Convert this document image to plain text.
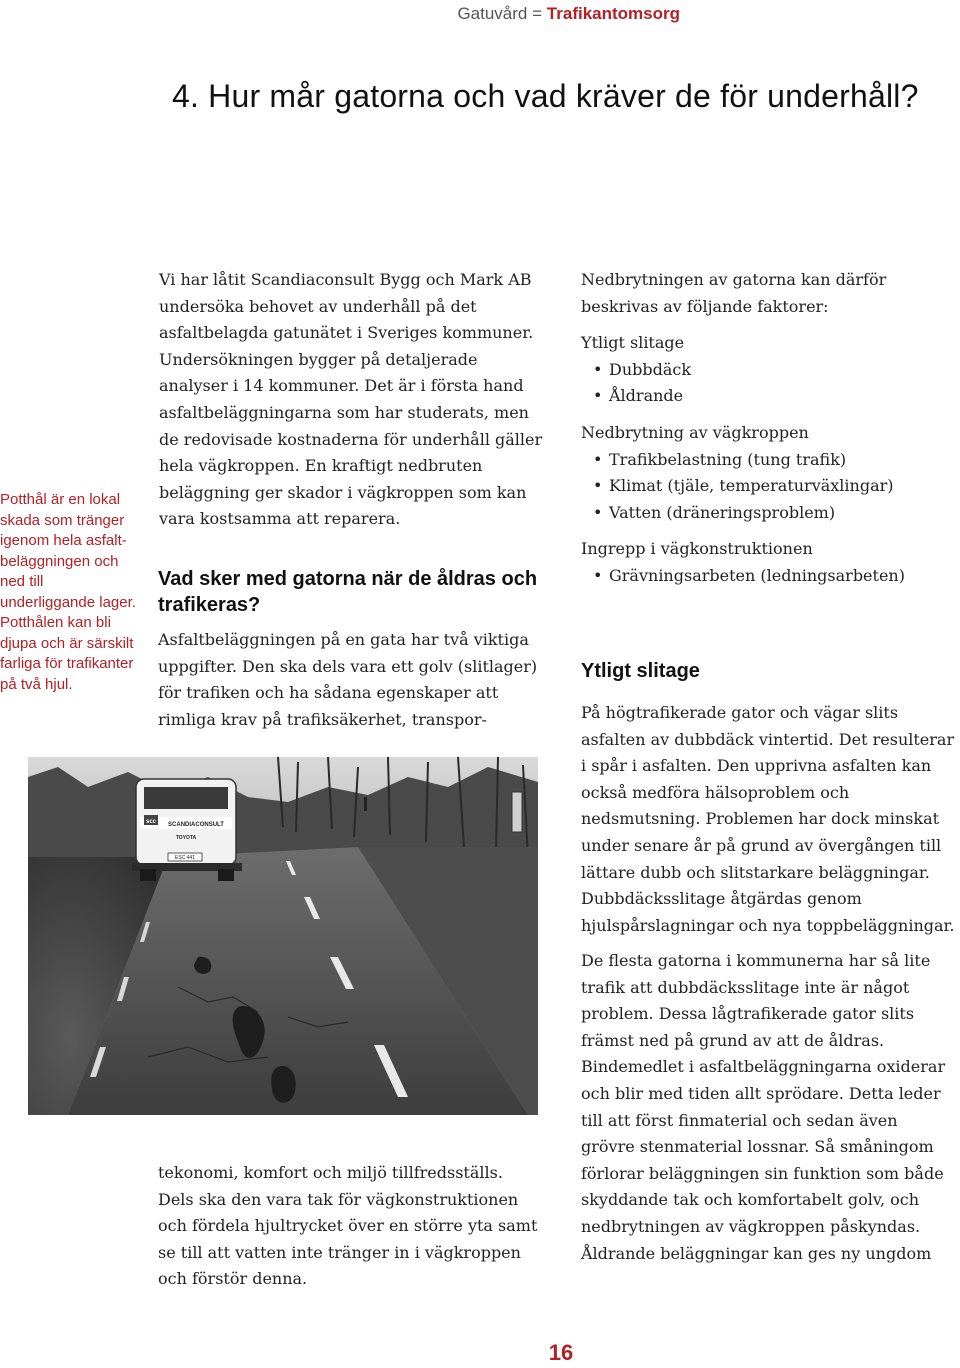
Gatuvård = Trafikantomsorg
4. Hur mår gatorna och vad kräver de för underhåll?
Potthål är en lokal skada som tränger igenom hela asfalt- beläggningen och ned till underliggande lager. Potthålen kan bli djupa och är särskilt farliga för trafikanter på två hjul.
Vi har låtit Scandiaconsult Bygg och Mark AB undersöka behovet av underhåll på det asfaltbelagda gatunätet i Sveriges kommuner. Undersökningen bygger på detaljerade analyser i 14 kommuner. Det är i första hand asfaltbeläggningarna som har studerats, men de redovisade kostnaderna för underhåll gäller hela vägkroppen. En kraftigt nedbruten beläggning ger skador i vägkroppen som kan vara kostsamma att reparera.
Vad sker med gatorna när de åldras och trafikeras?
Asfaltbeläggningen på en gata har två viktiga uppgifter. Den ska dels vara ett golv (slitlager) för trafiken och ha sådana egenskaper att rimliga krav på trafiksäkerhet, transpor-
scc SCANDIACONSULT
TOYOTA
ESC 441
tekonomi, komfort och miljö tillfredsställs. Dels ska den vara tak för vägkonstruktionen och fördela hjultrycket över en större yta samt se till att vatten inte tränger in i vägkroppen och förstör denna.

Nedbrytningen av gatorna kan därför beskrivas av följande faktorer:

Ytligt slitage

• Dubbdäck
• Åldrande

Nedbrytning av vägkroppen

• Trafikbelastning (tung trafik)
• Klimat (tjäle, temperaturväxlingar)
• Vatten (dräneringsproblem)

Ingrepp i vägkonstruktionen

• Grävningsarbeten (ledningsarbeten)
Ytligt slitage
På högtrafikerade gator och vägar slits asfalten av dubbdäck vintertid. Det resulterar i spår i asfalten. Den upprivna asfalten kan också medföra hälsoproblem och nedsmutsning. Problemen har dock minskat under senare år på grund av övergången till lättare dubb och slitstarkare beläggningar. Dubbdäcksslitage åtgärdas genom hjulspårslagningar och nya toppbeläggningar.
De flesta gatorna i kommunerna har så lite trafik att dubbdäcksslitage inte är något problem. Dessa lågtrafikerade gator slits främst ned på grund av att de åldras. Bindemedlet i asfaltbeläggningarna oxiderar och blir med tiden allt sprödare. Detta leder till att först finmaterial och sedan även grövre stenmaterial lossnar. Så småningom förlorar beläggningen sin funktion som både skyddande tak och komfortabelt golv, och nedbrytningen av vägkroppen påskyndas. Åldrande beläggningar kan ges ny ungdom
16
